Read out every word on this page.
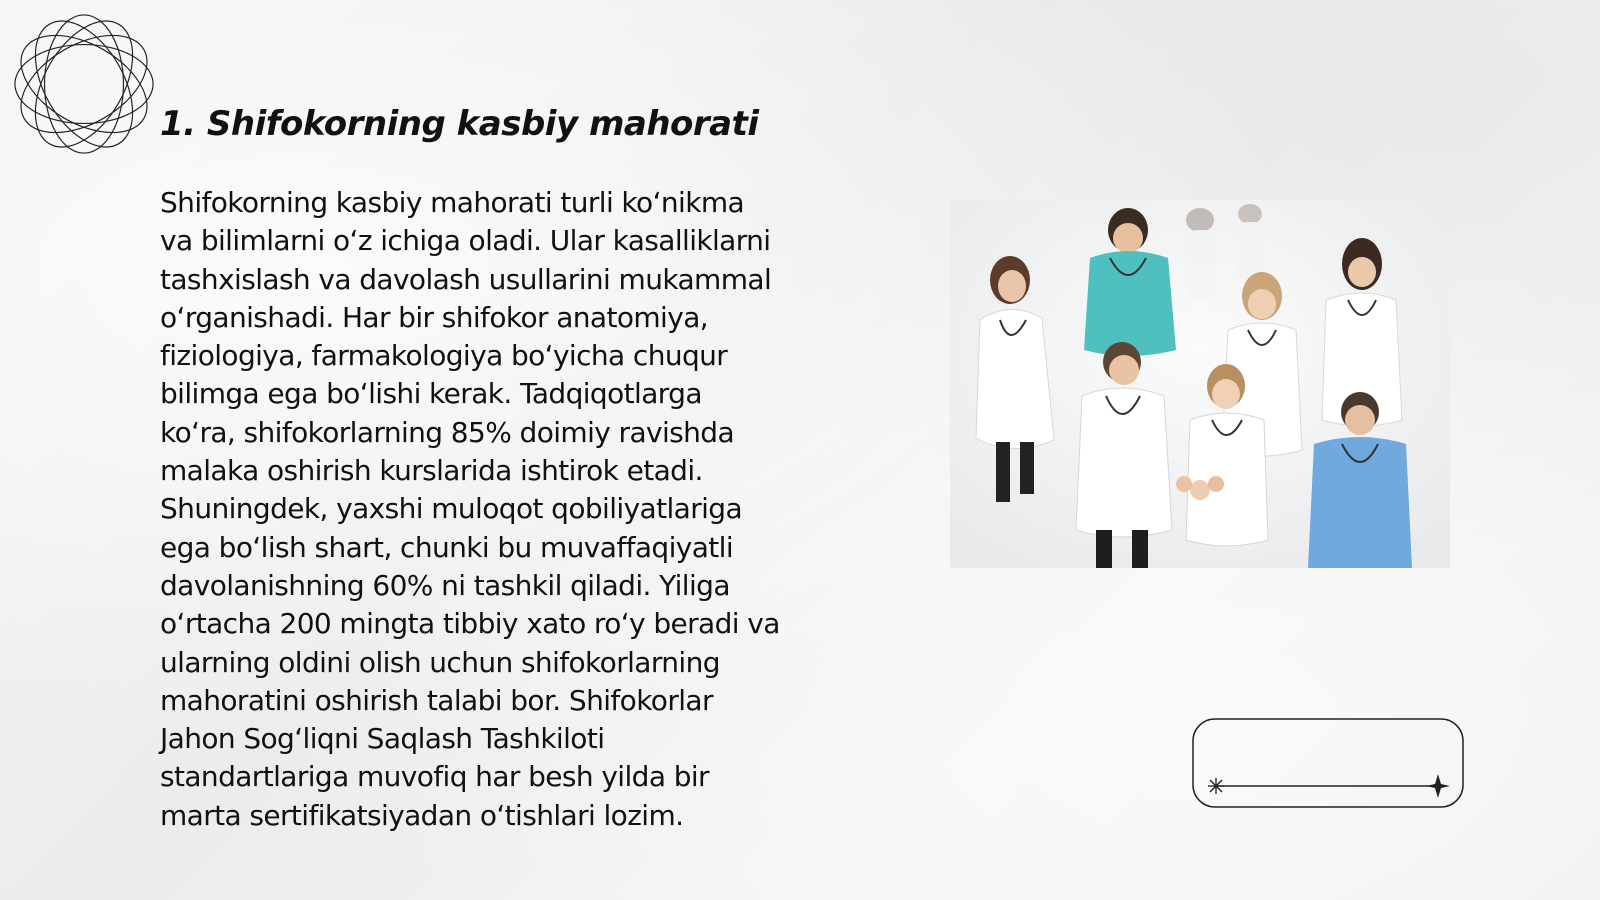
1. Shifokorning kasbiy mahorati

Shifokorning kasbiy mahorati turli koʻnikma
va bilimlarni oʻz ichiga oladi. Ular kasalliklarni
tashxislash va davolash usullarini mukammal
oʻrganishadi. Har bir shifokor anatomiya,
fiziologiya, farmakologiya boʻyicha chuqur
bilimga ega boʻlishi kerak. Tadqiqotlarga
koʻra, shifokorlarning 85% doimiy ravishda
malaka oshirish kurslarida ishtirok etadi.
Shuningdek, yaxshi muloqot qobiliyatlariga
ega boʻlish shart, chunki bu muvaffaqiyatli
davolanishning 60% ni tashkil qiladi. Yiliga
oʻrtacha 200 mingta tibbiy xato roʻy beradi va
ularning oldini olish uchun shifokorlarning
mahoratini oshirish talabi bor. Shifokorlar
Jahon Sogʻliqni Saqlash Tashkiloti
standartlariga muvofiq har besh yilda bir
marta sertifikatsiyadan oʻtishlari lozim.
